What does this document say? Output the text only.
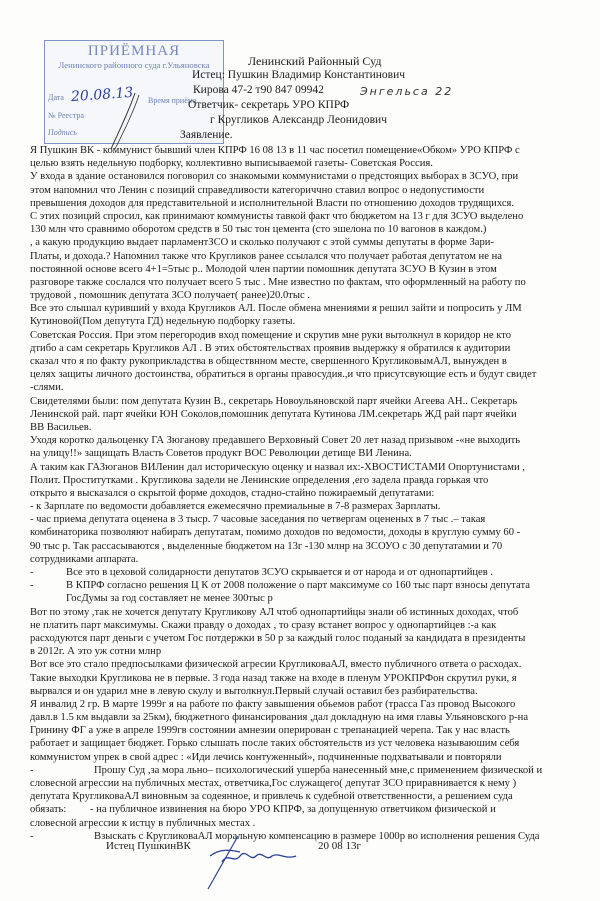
ПРИЁМНАЯ
Ленинского районного суда г.Ульяновска
Дата 20.08.13 Время приёма
№ Реестра
Подпись
Ленинский Районный Суд
Истец: Пушкин Владимир Константинович
Кирова 47-2 т90 847 09942
Ответчик- секретарь УРО КПРФ
Энгельса 22
г Кругликов Александр Леонидович
Заявление.
Я Пушкин ВК - коммунист бывший член КПРФ 16 08 13 в 11 час посетил помещение«Обком» УРО КПРФ с
целью взять недельную подборку, коллективно выписываемой газеты- Советская Россия.
У входа в здание остановился поговорил со знакомыми коммунистами о предстоящих выборах в ЗСУО, при
этом напомнил что Ленин с позиций справедливости категориччно ставил вопрос о недопустимости
превышения доходов для представительной и исполнительной Власти по отношению доходов трудящихся.
С этих позиций спросил, как принимают коммунисты тавкой факт что бюджетом на 13 г для ЗСУО выделено
130 млн что сравнимо оборотом средств в 50 тыс тон цемента (сто эшелона по 10 вагонов в каждом.)
, а какую продукцию выдает парламентЗСО и сколько получают с этой суммы депутаты в форме Зари-
Платы, и дохода.? Напомнил также что Кругликов ранее ссылался что получает работая депутатом не на
постоянной основе всего 4+1=5тыс р.. Молодой член партии помошник депутата ЗСУО В Кузин в этом
разговоре также сослался что получает всего 5 тыс . Мне известно по фактам, что оформленный на работу по
трудовой , помошник депутата ЗСО получает( ранее)20.0тыс .
Все это слышал куривший у входа Кругликов АЛ. После обмена мнениями я решил зайти и попросить у ЛМ
Кутиновой(Пом депутута ГД) недельную подборку газеты.
Советская Россия. При этом перегородив вход помещение и скрутив мне руки вытолкнул в коридор не кто
дтибо а сам секретарь Кругликов АЛ . В этих обстоятельствах проявив выдержку я обратился к аудитории
сказал что я по факту рукоприкладства в обществнном месте, свершенного КругликовымАЛ, вынужден в
целях защиты личного достоинства, обратиться в органы правосудия.,и что присутсвующие есть и будут свидет
-слями.
Свидетелями были: пом депутата Кузин В., секретарь Новоульяновской парт ячейки Агеева АН.. Секретарь
Ленинской рай. парт ячейки ЮН Соколов,помошник депутата Кутинова ЛМ.секретарь ЖД рай парт ячейки
ВВ Васильев.
Уходя коротко дальоценку ГА Зюганову предавшего Верховный Совет 20 лет назад призывом -«не выходить
на улицу!!» защищать Власть Советов продукт ВОС Революции детище ВИ Ленина.
А таким как ГАЗюганов ВИЛенин дал историческую оценку и назвал их:-ХВОСТИСТАМИ Опортунистами ,
Полит. Проститутками . Кругликова задели не Ленинские определения ,его задела правда горькая что
открыто я высказался о скрытой форме доходов, стадно-стайно пожираемый депутатами:
- к Зарплате по ведомости добавляется ежемесячно премиальные в 7-8 размерах Зарплаты.
- час приема депутата оценена в 3 тыср. 7 часовые заседания по четвергам оцененых в 7 тыс .– такая
комбинаторика позволяют набирать депутатам, помимо доходов по ведомости, доходы в круглую сумму 60 -
90 тыс р. Так рассасываются , выделенные бюджетом на 13г -130 млнр на ЗСОУО с 30 депутатамии и 70
сотрудниками аппарата.
-	Все это в цеховой солидарности депутатов ЗСУО скрывается и от народа и от однопартийцев .
-	В КПРФ согласно решения Ц К от 2008 положение о парт максимуме со 160 тыс парт взносы депутата
ГосДумы за год составляет не менее 300тыс р
Вот по этому ,так не хочется депутату Кругликову АЛ чтоб однопартийцы знали об истинных доходах, чтоб
не платить парт максимумы. Скажи правду о доходах , то сразу встанет вопрос у однопартийцев :-а как
расходуются парт деньги с учетом Гос потдержки в 50 р за каждый голос поданый за кандидата в президенты
в 2012г. А это уж сотни млнр
Вот все это стало предпосылками физической агресии КругликоваАЛ, вместо публичного ответа о расходах.
Такие выходки Кругликова не в первые. 3 года назад также на входе в пленум УРОКПРФон скрутил руки, я
вырвался и он ударил мне в левую скулу и вытолкнул.Первый случай оставил без разбирательства.
Я инвалид 2 гр. В марте 1999г я на работе по факту завышения обьемов работ (трасса Газ провод Высокого
давл.в 1.5 км выдавли за 25км), бюджетного финансирования ,дал докладную на имя главы Ульяновского р-на
Гринину ФГ а уже в апреле 1999гв состоянии амнезии оперирован с трепанацией черепа. Так у нас власть
работает и защищает бюджет. Горько слышать после таких обстоятельств из уст человека называюшим себя
коммунистом упрек в свой адрес : «Иди лечись контуженный», подчиненные подхватывали и повторяли
-	Прошу Суд ,за мора льно– психологический ушерба нанесенный мне,с применением физической и
словесной агрессии на публичных местах, ответчика,Гос служащего( депутат ЗСО приравнивается к нему )
депутата КругликоваАЛ виновным за содеянное, и привлечь к судебной ответственности, а решением суда
обязать: - на публичное извинения на бюро УРО КПРФ, за допущенную ответчиком физической и
словесной агрессии к истцу в публичных местах .
-	Взыскать с КругликоваАЛ моральную компенсацию в размере 1000р во исполнения решения Суда
Истец ПушкинВК	20 08 13г
